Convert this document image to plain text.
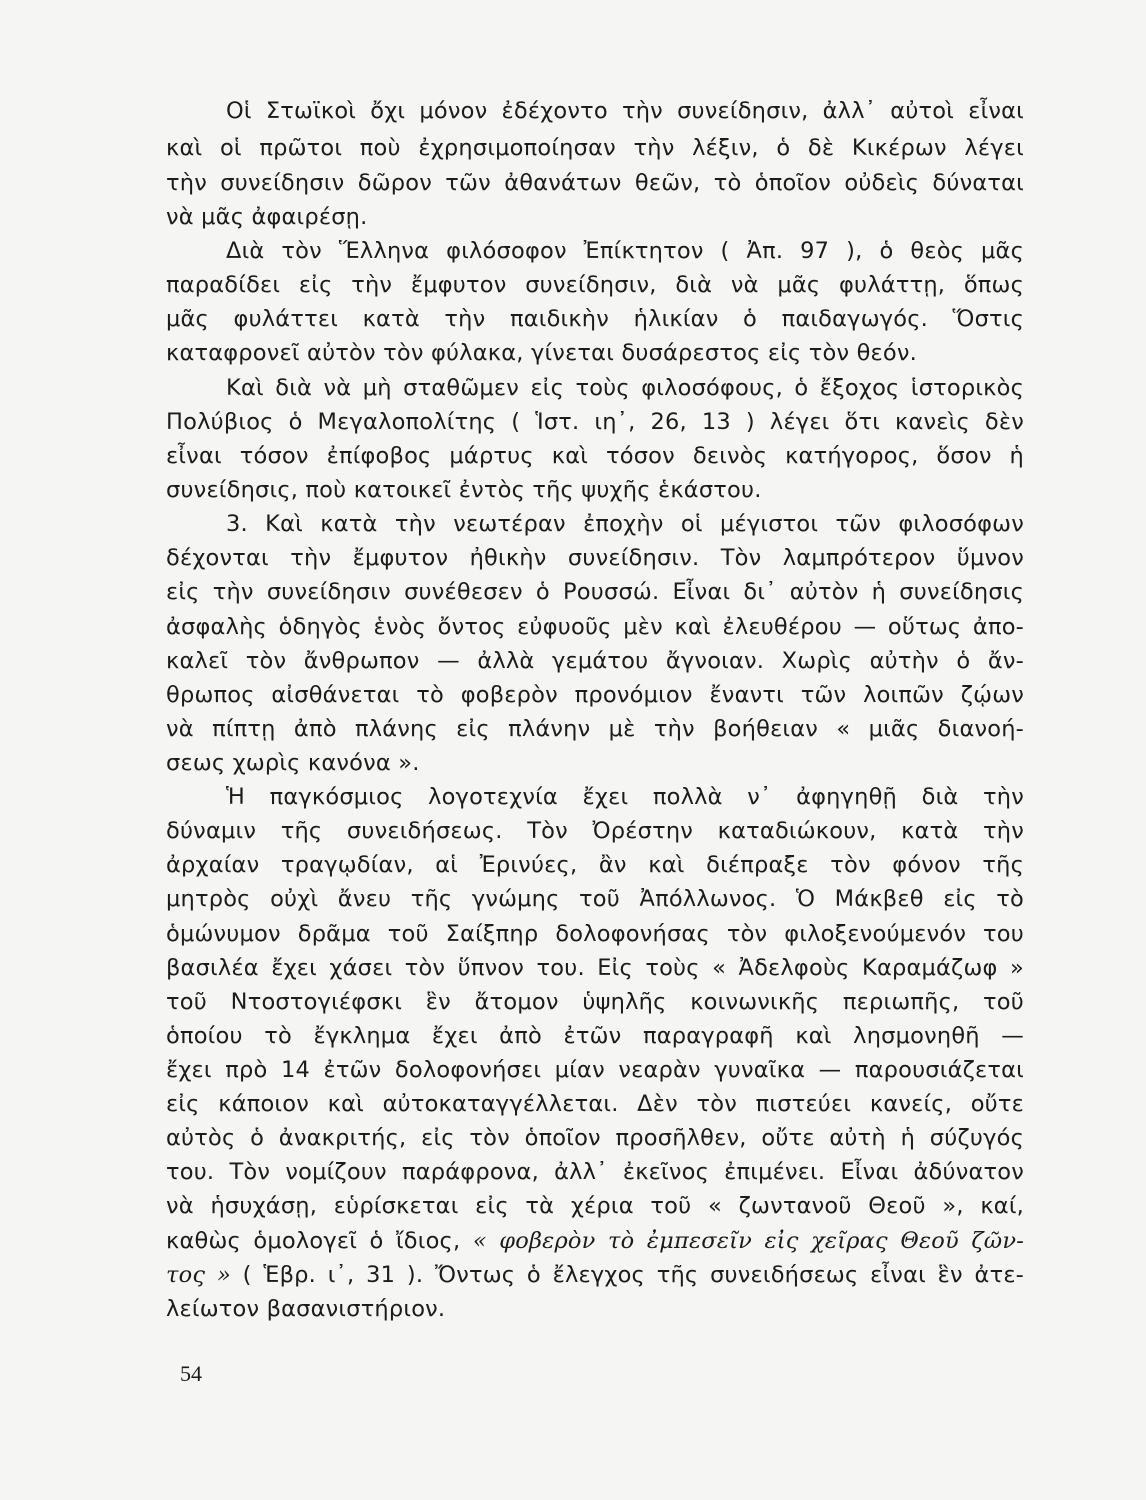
Οἱ Στωϊκοὶ ὄχι μόνον ἐδέχοντο τὴν συνείδησιν, ἀλλ᾽ αὐτοὶ εἶναι

καὶ οἱ πρῶτοι ποὺ ἐχρησιμοποίησαν τὴν λέξιν, ὁ δὲ Κικέρων λέγει

τὴν συνείδησιν δῶρον τῶν ἀθανάτων θεῶν, τὸ ὁποῖον οὐδεὶς δύναται

νὰ μᾶς ἀφαιρέσῃ.

Διὰ τὸν Ἕλληνα φιλόσοφον Ἐπίκτητον ( Ἀπ. 97 ), ὁ θεὸς μᾶς

παραδίδει εἰς τὴν ἔμφυτον συνείδησιν, διὰ νὰ μᾶς φυλάττῃ, ὅπως

μᾶς φυλάττει κατὰ τὴν παιδικὴν ἡλικίαν ὁ παιδαγωγός. Ὅστις

καταφρονεῖ αὐτὸν τὸν φύλακα, γίνεται δυσάρεστος εἰς τὸν θεόν.

Καὶ διὰ νὰ μὴ σταθῶμεν εἰς τοὺς φιλοσόφους, ὁ ἔξοχος ἱστορικὸς

Πολύβιος ὁ Μεγαλοπολίτης ( Ἱστ. ιη᾽, 26, 13 ) λέγει ὅτι κανεὶς δὲν

εἶναι τόσον ἐπίφοβος μάρτυς καὶ τόσον δεινὸς κατήγορος, ὅσον ἡ

συνείδησις, ποὺ κατοικεῖ ἐντὸς τῆς ψυχῆς ἑκάστου.

3. Καὶ κατὰ τὴν νεωτέραν ἐποχὴν οἱ μέγιστοι τῶν φιλοσόφων

δέχονται τὴν ἔμφυτον ἠθικὴν συνείδησιν. Τὸν λαμπρότερον ὕμνον

εἰς τὴν συνείδησιν συνέθεσεν ὁ Ρουσσώ. Εἶναι δι᾽ αὐτὸν ἡ συνείδησις

ἀσφαλὴς ὁδηγὸς ἑνὸς ὄντος εὐφυοῦς μὲν καὶ ἐλευθέρου — οὕτως ἀπο-

καλεῖ τὸν ἄνθρωπον — ἀλλὰ γεμάτου ἄγνοιαν. Χωρὶς αὐτὴν ὁ ἄν-

θρωπος αἰσθάνεται τὸ φοβερὸν προνόμιον ἔναντι τῶν λοιπῶν ζῴων

νὰ πίπτῃ ἀπὸ πλάνης εἰς πλάνην μὲ τὴν βοήθειαν « μιᾶς διανοή-

σεως χωρὶς κανόνα ».

Ἡ παγκόσμιος λογοτεχνία ἔχει πολλὰ ν᾽ ἀφηγηθῇ διὰ τὴν

δύναμιν τῆς συνειδήσεως. Τὸν Ὀρέστην καταδιώκουν, κατὰ τὴν

ἀρχαίαν τραγῳδίαν, αἱ Ἐρινύες, ἂν καὶ διέπραξε τὸν φόνον τῆς

μητρὸς οὐχὶ ἄνευ τῆς γνώμης τοῦ Ἀπόλλωνος. Ὁ Μάκβεθ εἰς τὸ

ὁμώνυμον δρᾶμα τοῦ Σαίξπηρ δολοφονήσας τὸν φιλοξενούμενόν του

βασιλέα ἔχει χάσει τὸν ὕπνον του. Εἰς τοὺς « Ἀδελφοὺς Καραμάζωφ »

τοῦ Ντοστογιέφσκι ἓν ἄτομον ὑψηλῆς κοινωνικῆς περιωπῆς, τοῦ

ὁποίου τὸ ἔγκλημα ἔχει ἀπὸ ἐτῶν παραγραφῆ καὶ λησμονηθῆ —

ἔχει πρὸ 14 ἐτῶν δολοφονήσει μίαν νεαρὰν γυναῖκα — παρουσιάζεται

εἰς κάποιον καὶ αὐτοκαταγγέλλεται. Δὲν τὸν πιστεύει κανείς, οὔτε

αὐτὸς ὁ ἀνακριτής, εἰς τὸν ὁποῖον προσῆλθεν, οὔτε αὐτὴ ἡ σύζυγός

του. Τὸν νομίζουν παράφρονα, ἀλλ᾽ ἐκεῖνος ἐπιμένει. Εἶναι ἀδύνατον

νὰ ἡσυχάσῃ, εὑρίσκεται εἰς τὰ χέρια τοῦ « ζωντανοῦ Θεοῦ », καί,

καθὼς ὁμολογεῖ ὁ ἴδιος, « φοβερὸν τὸ ἐμπεσεῖν εἰς χεῖρας Θεοῦ ζῶν-

τος » ( Ἑβρ. ι᾽, 31 ). Ὄντως ὁ ἔλεγχος τῆς συνειδήσεως εἶναι ἓν ἀτε-

λείωτον βασανιστήριον.

54
